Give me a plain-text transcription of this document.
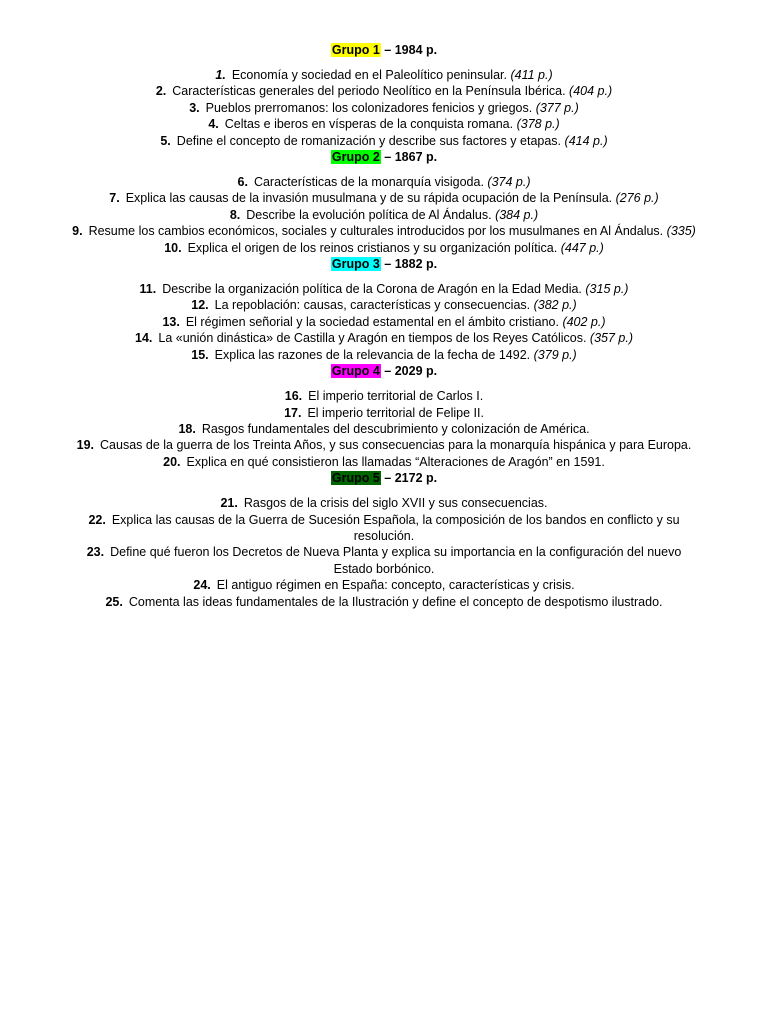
Grupo 1 – 1984 p.
1. Economía y sociedad en el Paleolítico peninsular. (411 p.)
2. Características generales del periodo Neolítico en la Península Ibérica. (404 p.)
3. Pueblos prerromanos: los colonizadores fenicios y griegos. (377 p.)
4. Celtas e iberos en vísperas de la conquista romana. (378 p.)
5. Define el concepto de romanización y describe sus factores y etapas. (414 p.)
Grupo 2 – 1867 p.
6. Características de la monarquía visigoda. (374 p.)
7. Explica las causas de la invasión musulmana y de su rápida ocupación de la Península. (276 p.)
8. Describe la evolución política de Al Ándalus. (384 p.)
9. Resume los cambios económicos, sociales y culturales introducidos por los musulmanes en Al Ándalus. (335)
10. Explica el origen de los reinos cristianos y su organización política. (447 p.)
Grupo 3 – 1882 p.
11. Describe la organización política de la Corona de Aragón en la Edad Media. (315 p.)
12. La repoblación: causas, características y consecuencias. (382 p.)
13. El régimen señorial y la sociedad estamental en el ámbito cristiano. (402 p.)
14. La «unión dinástica» de Castilla y Aragón en tiempos de los Reyes Católicos. (357 p.)
15. Explica las razones de la relevancia de la fecha de 1492. (379 p.)
Grupo 4 – 2029 p.
16. El imperio territorial de Carlos I.
17. El imperio territorial de Felipe II.
18. Rasgos fundamentales del descubrimiento y colonización de América.
19. Causas de la guerra de los Treinta Años, y sus consecuencias para la monarquía hispánica y para Europa.
20. Explica en qué consistieron las llamadas “Alteraciones de Aragón” en 1591.
Grupo 5 – 2172 p.
21. Rasgos de la crisis del siglo XVII y sus consecuencias.
22. Explica las causas de la Guerra de Sucesión Española, la composición de los bandos en conflicto y su resolución.
23. Define qué fueron los Decretos de Nueva Planta y explica su importancia en la configuración del nuevo Estado borbónico.
24. El antiguo régimen en España: concepto, características y crisis.
25. Comenta las ideas fundamentales de la Ilustración y define el concepto de despotismo ilustrado.
